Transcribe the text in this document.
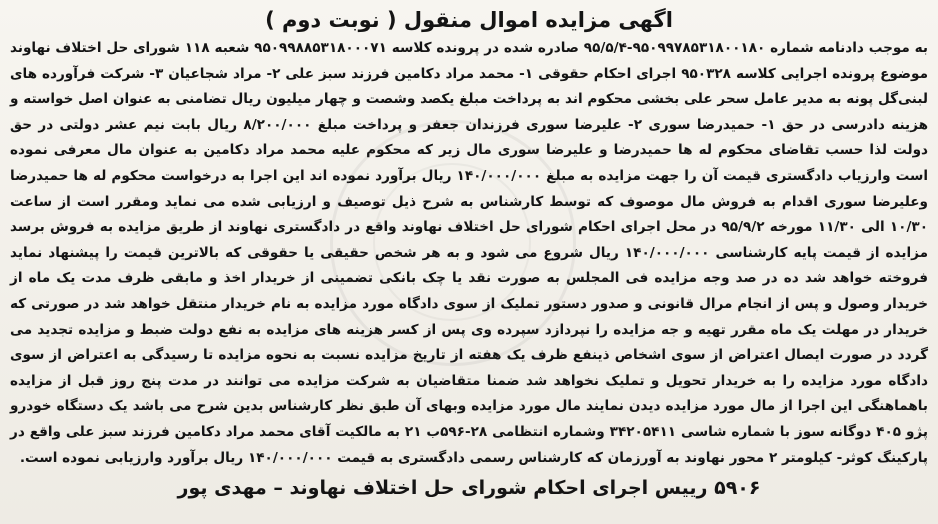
اگهی مزایده اموال منقول ( نوبت دوم )

به موجب دادنامه شماره ۹۵۰۹۹۷۸۵۳۱۸۰۰۱۸۰-۹۵/۵/۴ صادره شده در پرونده کلاسه ۹۵۰۹۹۸۸۵۳۱۸۰۰۰۷۱ شعبه ۱۱۸ شورای حل اختلاف نهاوند موضوع پرونده اجرایی کلاسه ۹۵۰۳۲۸ اجرای احکام حقوقی ۱- محمد مراد دکامین فرزند سبز علی ۲- مراد شجاعیان ۳- شرکت فرآورده های لبنی‌گل پونه به مدیر عامل سحر علی بخشی محکوم اند به پرداخت مبلغ یکصد وشصت و چهار میلیون ریال تضامنی به عنوان اصل خواسته و هزینه دادرسی در حق ۱- حمیدرضا سوری ۲- علیرضا سوری فرزندان جعفر و پرداخت مبلغ ۸/۲۰۰/۰۰۰ ریال بابت نیم عشر دولتی در حق دولت لذا حسب تقاضای محکوم له ها حمیدرضا و علیرضا سوری مال زیر که محکوم علیه محمد مراد دکامین به عنوان مال معرفی نموده است وارزیاب دادگستری قیمت آن را جهت مزایده به مبلغ ۱۴۰/۰۰۰/۰۰۰ ریال برآورد نموده اند این اجرا به درخواست محکوم له ها حمیدرضا وعلیرضا سوری اقدام به فروش مال موصوف که توسط کارشناس به شرح ذیل توصیف و ارزیابی شده می نماید ومقرر است از ساعت ۱۰/۳۰ الی ۱۱/۳۰ مورخه ۹۵/۹/۲ در محل اجرای احکام شورای حل اختلاف نهاوند واقع در دادگستری نهاوند از طریق مزایده به فروش برسد مزایده از قیمت پایه کارشناسی ۱۴۰/۰۰۰/۰۰۰ ریال شروع می شود و به هر شخص حقیقی یا حقوقی که بالاترین قیمت را پیشنهاد نماید فروخته خواهد شد ده در صد وجه مزایده فی المجلس به صورت نقد یا چک بانکی تضمینی از خریدار اخذ و مابقی ظرف مدت یک ماه از خریدار وصول و پس از انجام مرال قانونی و صدور دستور تملیک از سوی دادگاه مورد مزایده به نام خریدار منتقل خواهد شد در صورتی که خریدار در مهلت یک ماه مقرر تهیه و جه مزایده را نپردازد سپرده وی پس از کسر هزینه های مزایده به نفع دولت ضبط و مزایده تجدید می گردد در صورت ایصال اعتراض از سوی اشخاص ذینفع ظرف یک هفته از تاریخ مزایده نسبت به نحوه مزایده تا رسیدگی به اعتراض از سوی دادگاه مورد مزایده را به خریدار تحویل و تملیک نخواهد شد ضمنا متقاضیان به شرکت مزایده می توانند در مدت پنج روز قبل از مزایده باهماهنگی این اجرا از مال مورد مزایده دیدن نمایند مال مورد مزایده وبهای آن طبق نظر کارشناس بدین شرح می باشد یک دستگاه خودرو پژو ۴۰۵ دوگانه سوز با شماره شاسی ۳۴۲۰۵۴۱۱ وشماره انتظامی ۲۸-۵۹۶ب ۲۱ به مالکیت آقای محمد مراد دکامین فرزند سبز علی واقع در پارکینگ کوثر- کیلومتر ۲ محور نهاوند به آورزمان که کارشناس رسمی دادگستری به قیمت ۱۴۰/۰۰۰/۰۰۰ ریال برآورد وارزیابی نموده است.

۵۹۰۶ رییس اجرای احکام شورای حل اختلاف نهاوند – مهدی پور
